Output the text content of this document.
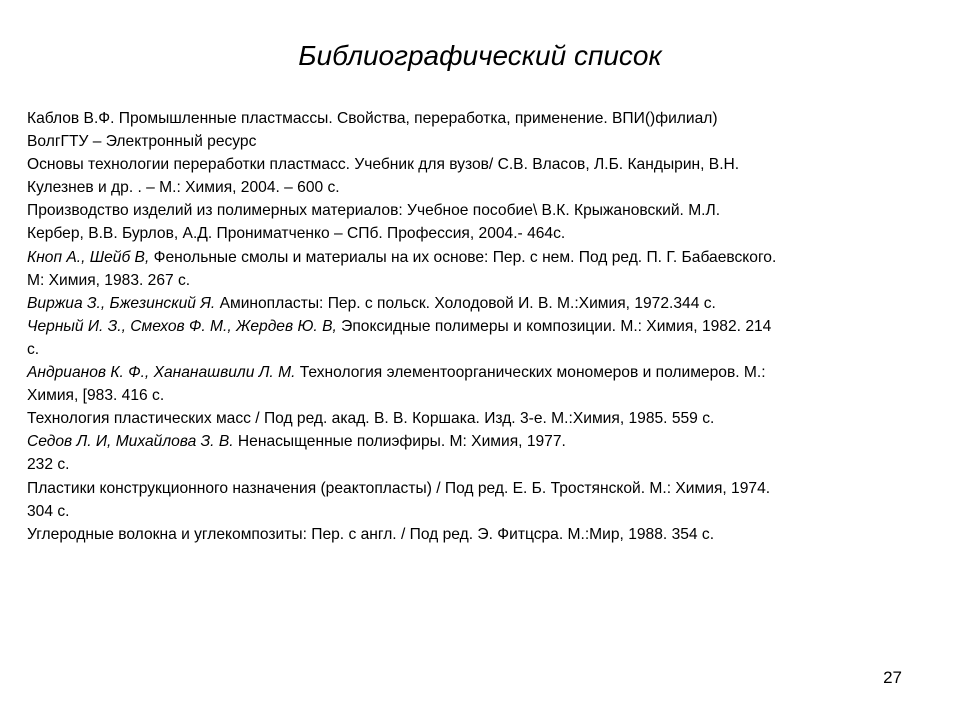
Библиографический список
Каблов В.Ф. Промышленные пластмассы. Свойства, переработка, применение. ВПИ()филиал)
ВолгГТУ – Электронный ресурс
Основы технологии переработки пластмасс. Учебник для вузов/ С.В. Власов, Л.Б. Кандырин, В.Н.
Кулезнев и др. . – М.: Химия, 2004. – 600 с.
Производство изделий из полимерных материалов: Учебное пособие\ В.К. Крыжановский. М.Л.
Кербер, В.В. Бурлов, А.Д. Прониматченко – СПб. Профессия, 2004.- 464с.
Кноп А., Шейб В, Фенольные смолы и материалы на их основе: Пер. с нем. Под ред. П. Г. Бабаевского.
М: Химия, 1983. 267 с.
Виржиа З., Бжезинский Я. Аминопласты: Пер. с польск. Холодовой И. В. М.:Химия, 1972.344 с.
Черный И. З., Смехов Ф. М., Жердев Ю. В, Эпоксидные полимеры и композиции. М.: Химия, 1982. 214
с.
Андрианов К. Ф., Хананашвили Л. М. Технология элементоорганических мономеров и полимеров. М.:
Химия, [983. 416 с.
Технология пластических масс / Под ред. акад. В. В. Коршака. Изд. 3-е. М.:Химия, 1985. 559 с.
Седов Л. И, Михайлова З. В. Ненасыщенные полиэфиры. М: Химия, 1977.
232 с.
Пластики конструкционного назначения (реактопласты) / Под ред. Е. Б. Тростянской. М.: Химия, 1974.
304 с.
Углеродные волокна и углекомпозиты: Пер. с англ. / Под ред. Э. Фитцсра. М.:Мир, 1988. 354 с.
27
